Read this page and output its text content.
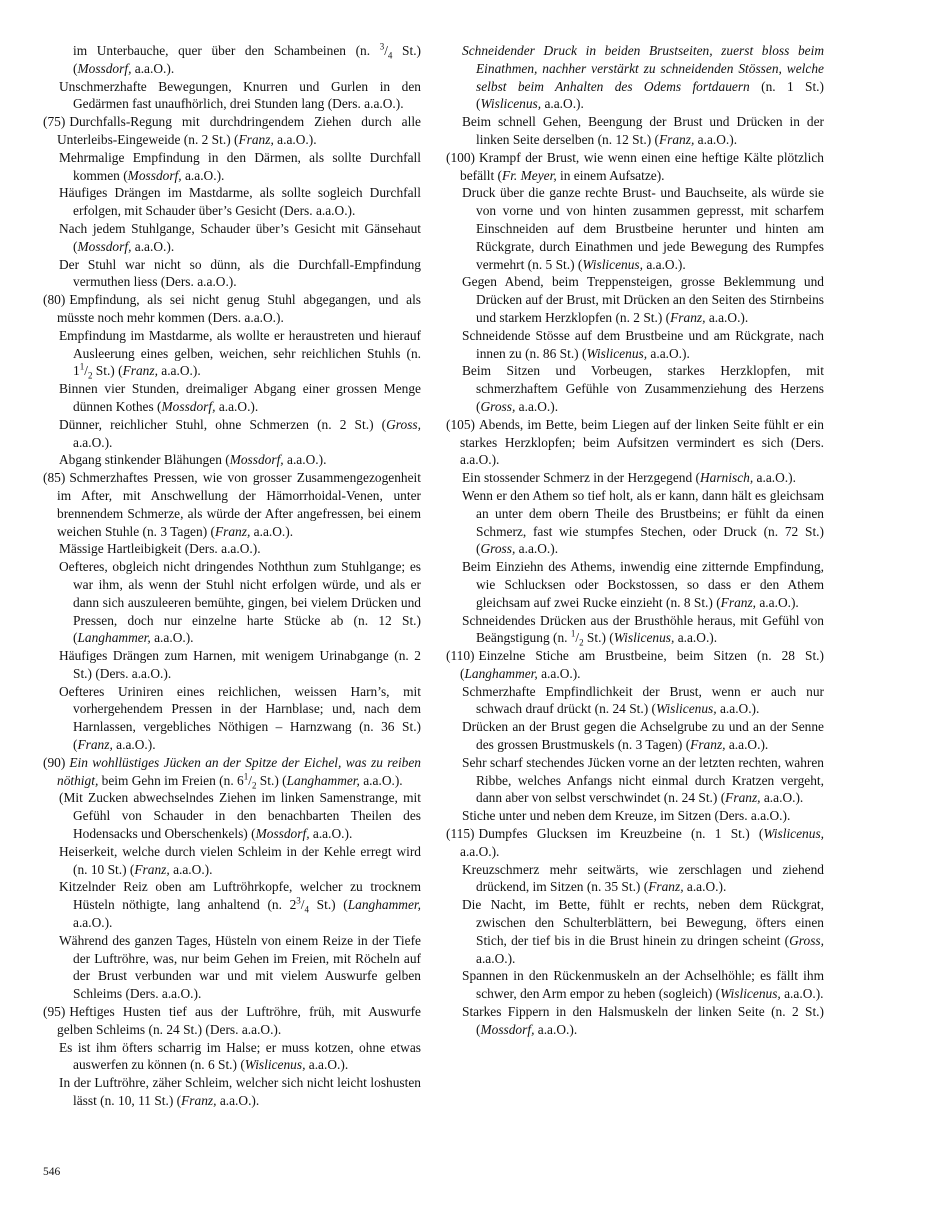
im Unterbauche, quer über den Schambeinen (n. $^3/_4$ St.) (Mossdorf, a.a.O.).

Unschmerzhafte Bewegungen, Knurren und Gurlen in den Gedärmen fast unaufhörlich, drei Stunden lang (Ders. a.a.O.).

(75) Durchfalls-Regung mit durchdringendem Ziehen durch alle Unterleibs-Eingeweide (n. 2 St.) (Franz, a.a.O.).

Mehrmalige Empfindung in den Därmen, als sollte Durchfall kommen (Mossdorf, a.a.O.).

Häufiges Drängen im Mastdarme, als sollte sogleich Durchfall erfolgen, mit Schauder über’s Gesicht (Ders. a.a.O.).

Nach jedem Stuhlgange, Schauder über’s Gesicht mit Gänsehaut (Mossdorf, a.a.O.).

Der Stuhl war nicht so dünn, als die Durchfall-Empfindung vermuthen liess (Ders. a.a.O.).

(80) Empfindung, als sei nicht genug Stuhl abgegangen, und als müsste noch mehr kommen (Ders. a.a.O.).

Empfindung im Mastdarme, als wollte er heraustreten und hierauf Ausleerung eines gelben, weichen, sehr reichlichen Stuhls (n. $1^1/_2$ St.) (Franz, a.a.O.).

Binnen vier Stunden, dreimaliger Abgang einer grossen Menge dünnen Kothes (Mossdorf, a.a.O.).

Dünner, reichlicher Stuhl, ohne Schmerzen (n. 2 St.) (Gross, a.a.O.).

Abgang stinkender Blähungen (Mossdorf, a.a.O.).

(85) Schmerzhaftes Pressen, wie von grosser Zusammengezogenheit im After, mit Anschwellung der Hämorrhoidal-Venen, unter brennendem Schmerze, als würde der After angefressen, bei einem weichen Stuhle (n. 3 Tagen) (Franz, a.a.O.).

Mässige Hartleibigkeit (Ders. a.a.O.).

Oefteres, obgleich nicht dringendes Noththun zum Stuhlgange; es war ihm, als wenn der Stuhl nicht erfolgen würde, und als er dann sich auszuleeren bemühte, gingen, bei vielem Drücken und Pressen, doch nur einzelne harte Stücke ab (n. 12 St.) (Langhammer, a.a.O.).

Häufiges Drängen zum Harnen, mit wenigem Urinabgange (n. 2 St.) (Ders. a.a.O.).

Oefteres Uriniren eines reichlichen, weissen Harn’s, mit vorhergehendem Pressen in der Harnblase; und, nach dem Harnlassen, vergebliches Nöthigen – Harnzwang (n. 36 St.) (Franz, a.a.O.).

(90) Ein wohllüstiges Jücken an der Spitze der Eichel, was zu reiben nöthigt, beim Gehn im Freien (n. $6^1/_2$ St.) (Langhammer, a.a.O.).

(Mit Zucken abwechselndes Ziehen im linken Samenstrange, mit Gefühl von Schauder in den benachbarten Theilen des Hodensacks und Oberschenkels) (Mossdorf, a.a.O.).

Heiserkeit, welche durch vielen Schleim in der Kehle erregt wird (n. 10 St.) (Franz, a.a.O.).

Kitzelnder Reiz oben am Luftröhrkopfe, welcher zu trocknem Hüsteln nöthigte, lang anhaltend (n. $2^3/_4$ St.) (Langhammer, a.a.O.).

Während des ganzen Tages, Hüsteln von einem Reize in der Tiefe der Luftröhre, was, nur beim Gehen im Freien, mit Röcheln auf der Brust verbunden war und mit vielem Auswurfe gelben Schleims (Ders. a.a.O.).

(95) Heftiges Husten tief aus der Luftröhre, früh, mit Auswurfe gelben Schleims (n. 24 St.) (Ders. a.a.O.).

Es ist ihm öfters scharrig im Halse; er muss kotzen, ohne etwas auswerfen zu können (n. 6 St.) (Wislicenus, a.a.O.).

In der Luftröhre, zäher Schleim, welcher sich nicht leicht loshusten lässt (n. 10, 11 St.) (Franz, a.a.O.).

Schneidender Druck in beiden Brustseiten, zuerst bloss beim Einathmen, nachher verstärkt zu schneidenden Stössen, welche selbst beim Anhalten des Odems fortdauern (n. 1 St.) (Wislicenus, a.a.O.).

Beim schnell Gehen, Beengung der Brust und Drücken in der linken Seite derselben (n. 12 St.) (Franz, a.a.O.).

(100) Krampf der Brust, wie wenn einen eine heftige Kälte plötzlich befällt (Fr. Meyer, in einem Aufsatze).

Druck über die ganze rechte Brust- und Bauchseite, als würde sie von vorne und von hinten zusammen gepresst, mit scharfem Einschneiden auf dem Brustbeine herunter und hinten am Rückgrate, durch Einathmen und jede Bewegung des Rumpfes vermehrt (n. 5 St.) (Wislicenus, a.a.O.).

Gegen Abend, beim Treppensteigen, grosse Beklemmung und Drücken auf der Brust, mit Drücken an den Seiten des Stirnbeins und starkem Herzklopfen (n. 2 St.) (Franz, a.a.O.).

Schneidende Stösse auf dem Brustbeine und am Rückgrate, nach innen zu (n. 86 St.) (Wislicenus, a.a.O.).

Beim Sitzen und Vorbeugen, starkes Herzklopfen, mit schmerzhaftem Gefühle von Zusammenziehung des Herzens (Gross, a.a.O.).

(105) Abends, im Bette, beim Liegen auf der linken Seite fühlt er ein starkes Herzklopfen; beim Aufsitzen vermindert es sich (Ders. a.a.O.).

Ein stossender Schmerz in der Herzgegend (Harnisch, a.a.O.).

Wenn er den Athem so tief holt, als er kann, dann hält es gleichsam an unter dem obern Theile des Brustbeins; er fühlt da einen Schmerz, fast wie stumpfes Stechen, oder Druck (n. 72 St.) (Gross, a.a.O.).

Beim Einziehn des Athems, inwendig eine zitternde Empfindung, wie Schlucksen oder Bockstossen, so dass er den Athem gleichsam auf zwei Rucke einzieht (n. 8 St.) (Franz, a.a.O.).

Schneidendes Drücken aus der Brusthöhle heraus, mit Gefühl von Beängstigung (n. $^1/_2$ St.) (Wislicenus, a.a.O.).

(110) Einzelne Stiche am Brustbeine, beim Sitzen (n. 28 St.) (Langhammer, a.a.O.).

Schmerzhafte Empfindlichkeit der Brust, wenn er auch nur schwach drauf drückt (n. 24 St.) (Wislicenus, a.a.O.).

Drücken an der Brust gegen die Achselgrube zu und an der Senne des grossen Brustmuskels (n. 3 Tagen) (Franz, a.a.O.).

Sehr scharf stechendes Jücken vorne an der letzten rechten, wahren Ribbe, welches Anfangs nicht einmal durch Kratzen vergeht, dann aber von selbst verschwindet (n. 24 St.) (Franz, a.a.O.).

Stiche unter und neben dem Kreuze, im Sitzen (Ders. a.a.O.).

(115) Dumpfes Glucksen im Kreuzbeine (n. 1 St.) (Wislicenus, a.a.O.).

Kreuzschmerz mehr seitwärts, wie zerschlagen und ziehend drückend, im Sitzen (n. 35 St.) (Franz, a.a.O.).

Die Nacht, im Bette, fühlt er rechts, neben dem Rückgrat, zwischen den Schulterblättern, bei Bewegung, öfters einen Stich, der tief bis in die Brust hinein zu dringen scheint (Gross, a.a.O.).

Spannen in den Rückenmuskeln an der Achselhöhle; es fällt ihm schwer, den Arm empor zu heben (sogleich) (Wislicenus, a.a.O.).

Starkes Fippern in den Halsmuskeln der linken Seite (n. 2 St.) (Mossdorf, a.a.O.).

546
